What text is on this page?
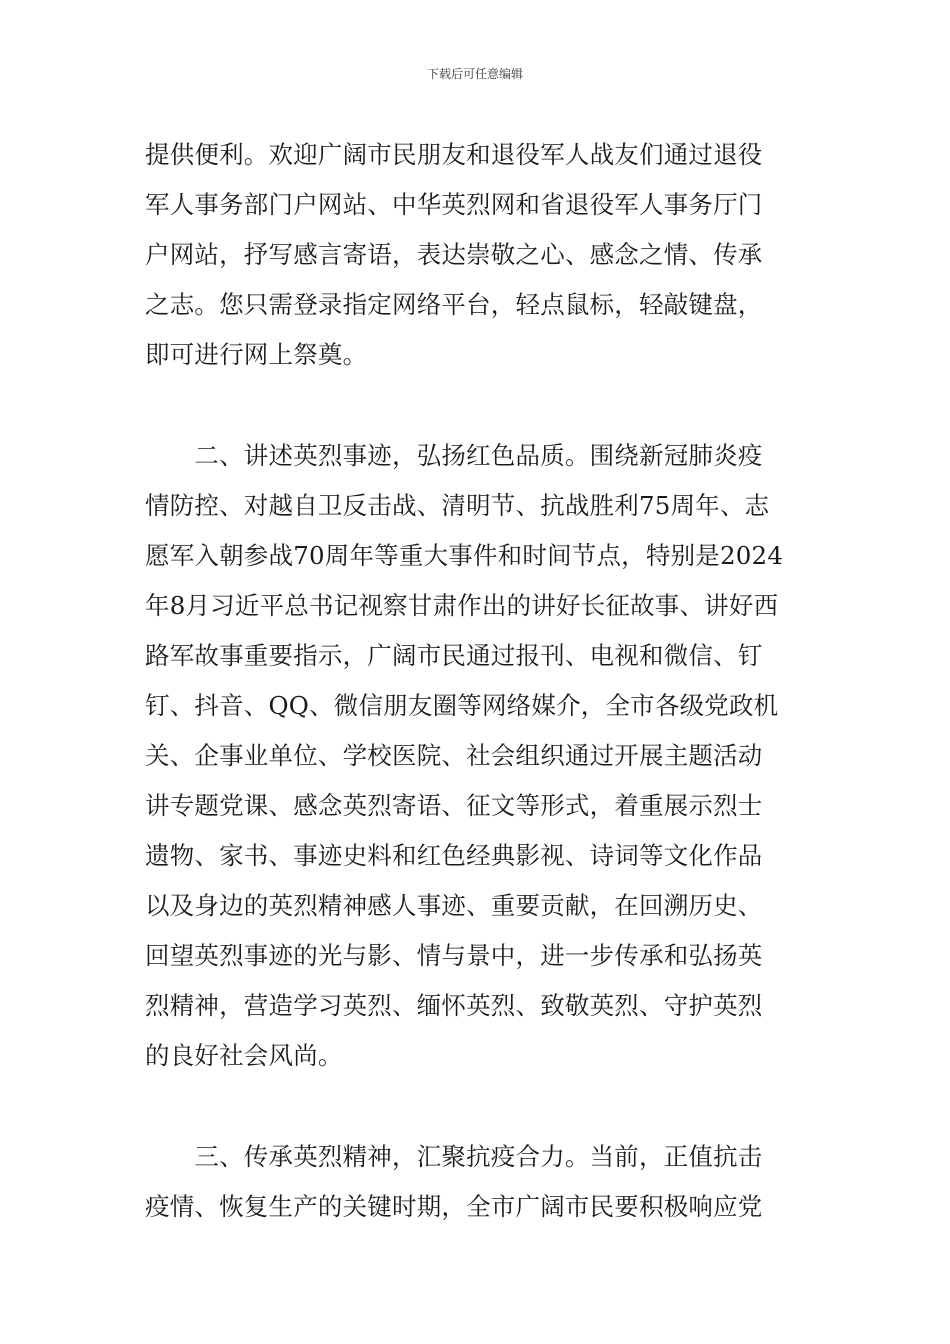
下载后可任意编辑
提供便利。欢迎广阔市民朋友和退役军人战友们通过退役
军人事务部门户网站、中华英烈网和省退役军人事务厅门
户网站，抒写感言寄语，表达崇敬之心、感念之情、传承
之志。您只需登录指定网络平台，轻点鼠标，轻敲键盘，
即可进行网上祭奠。
　　二、讲述英烈事迹，弘扬红色品质。围绕新冠肺炎疫
情防控、对越自卫反击战、清明节、抗战胜利75周年、志
愿军入朝参战70周年等重大事件和时间节点，特别是2024
年8月习近平总书记视察甘肃作出的讲好长征故事、讲好西
路军故事重要指示，广阔市民通过报刊、电视和微信、钉
钉、抖音、QQ、微信朋友圈等网络媒介，全市各级党政机
关、企事业单位、学校医院、社会组织通过开展主题活动
讲专题党课、感念英烈寄语、征文等形式，着重展示烈士
遗物、家书、事迹史料和红色经典影视、诗词等文化作品
以及身边的英烈精神感人事迹、重要贡献，在回溯历史、
回望英烈事迹的光与影、情与景中，进一步传承和弘扬英
烈精神，营造学习英烈、缅怀英烈、致敬英烈、守护英烈
的良好社会风尚。
　　三、传承英烈精神，汇聚抗疫合力。当前，正值抗击
疫情、恢复生产的关键时期，全市广阔市民要积极响应党
